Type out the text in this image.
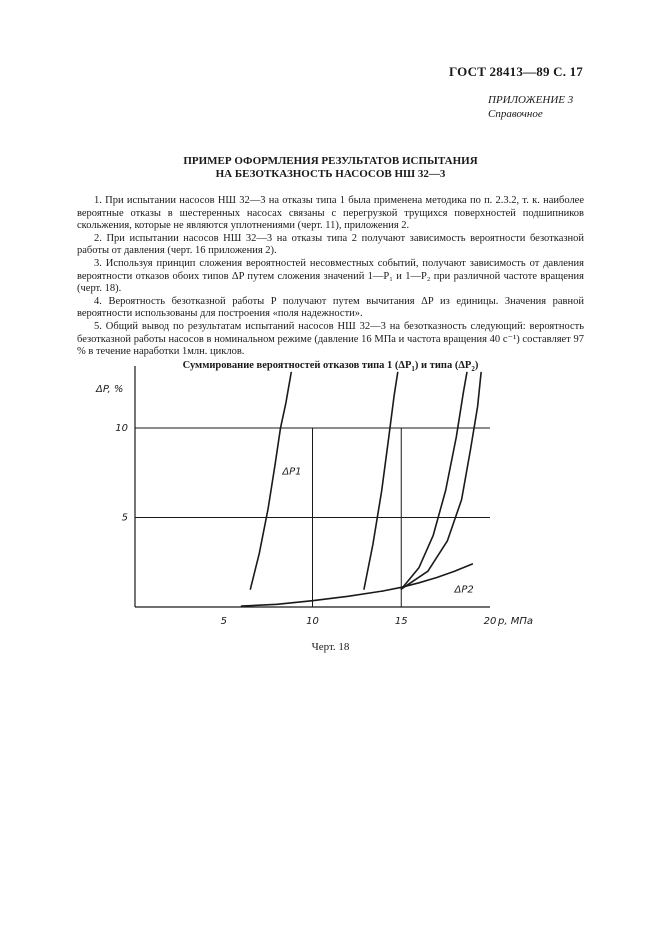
ГОСТ 28413—89 С. 17
ПРИЛОЖЕНИЕ 3
Справочное
ПРИМЕР ОФОРМЛЕНИЯ РЕЗУЛЬТАТОВ ИСПЫТАНИЯ
НА БЕЗОТКАЗНОСТЬ НАСОСОВ НШ 32—3

1. При испытании насосов НШ 32—3 на отказы типа 1 была применена методика по п. 2.3.2, т. к. наиболее вероятные отказы в шестеренных насосах связаны с перегрузкой трущихся поверхностей подшипников скольжения, которые не являются уплотнениями (черт. 11), приложения 2.

2. При испытании насосов НШ 32—3 на отказы типа 2 получают зависимость вероятности безотказной работы от давления (черт. 16 приложения 2).

3. Используя принцип сложения вероятностей несовместных событий, получают зависимость от давления вероятности отказов обоих типов ΔP путем сложения значений 1—P₁ и 1—P₂ при различной частоте вращения (черт. 18).

4. Вероятность безотказной работы P получают путем вычитания ΔP из единицы. Значения равной вероятности использованы для построения «поля надежности».

5. Общий вывод по результатам испытаний насосов НШ 32—3 на безотказность следующий: вероятность безотказной работы насосов в номинальном режиме (давление 16 МПа и частота вращения 40 с⁻¹) составляет 97 % в течение наработки 1млн. циклов.

Суммирование вероятностей отказов типа 1 $(\Delta P_1)$ и типа $(\Delta P_2)$
5
10
5	10	15	20
ΔP, %
p, МПа
ΔP1
ΔP2
Черт. 18
